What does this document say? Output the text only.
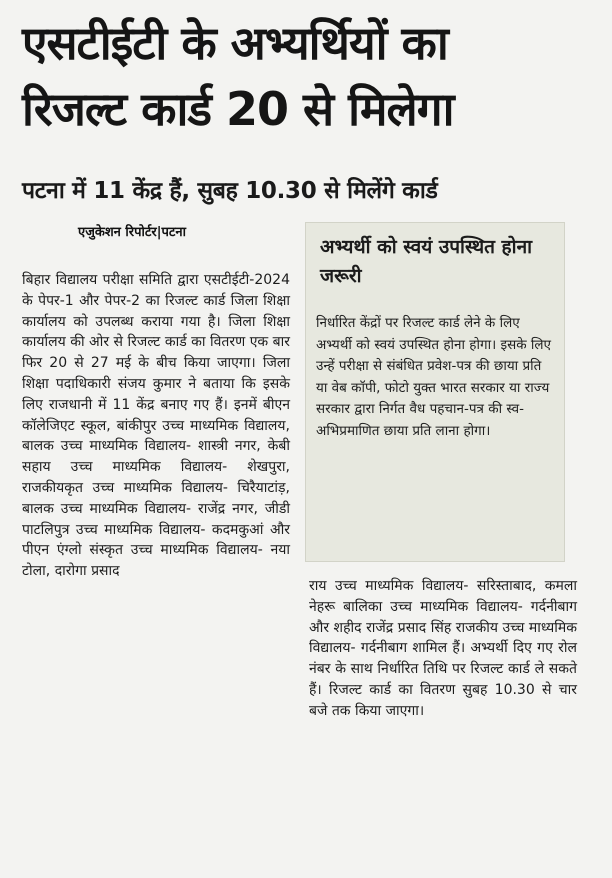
एसटीईटी के अभ्यर्थियों का
रिजल्ट कार्ड 20 से मिलेगा
पटना में 11 केंद्र हैं, सुबह 10.30 से मिलेंगे कार्ड
एजुकेशन रिपोर्टर|पटना
बिहार विद्यालय परीक्षा समिति द्वारा एसटीईटी-2024 के पेपर-1 और पेपर-2 का रिजल्ट कार्ड जिला शिक्षा कार्यालय को उपलब्ध कराया गया है। जिला शिक्षा कार्यालय की ओर से रिजल्ट कार्ड का वितरण एक बार फिर 20 से 27 मई के बीच किया जाएगा। जिला शिक्षा पदाधिकारी संजय कुमार ने बताया कि इसके लिए राजधानी में 11 केंद्र बनाए गए हैं। इनमें बीएन कॉलेजिएट स्कूल, बांकीपुर उच्च माध्यमिक विद्यालय, बालक उच्च माध्यमिक विद्यालय- शास्त्री नगर, केबी सहाय उच्च माध्यमिक विद्यालय- शेखपुरा, राजकीयकृत उच्च माध्यमिक विद्यालय- चिरैयाटांड़, बालक उच्च माध्यमिक विद्यालय- राजेंद्र नगर, जीडी पाटलिपुत्र उच्च माध्यमिक विद्यालय- कदमकुआं और पीएन एंग्लो संस्कृत उच्च माध्यमिक विद्यालय- नया टोला, दारोगा प्रसाद
अभ्यर्थी को स्वयं उपस्थित होना जरूरी
निर्धारित केंद्रों पर रिजल्ट कार्ड लेने के लिए अभ्यर्थी को स्वयं उपस्थित होना होगा। इसके लिए उन्हें परीक्षा से संबंधित प्रवेश-पत्र की छाया प्रति या वेब कॉपी, फोटो युक्त भारत सरकार या राज्य सरकार द्वारा निर्गत वैध पहचान-पत्र की स्व-अभिप्रमाणित छाया प्रति लाना होगा।
राय उच्च माध्यमिक विद्यालय- सरिस्ताबाद, कमला नेहरू बालिका उच्च माध्यमिक विद्यालय- गर्दनीबाग और शहीद राजेंद्र प्रसाद सिंह राजकीय उच्च माध्यमिक विद्यालय- गर्दनीबाग शामिल हैं। अभ्यर्थी दिए गए रोल नंबर के साथ निर्धारित तिथि पर रिजल्ट कार्ड ले सकते हैं। रिजल्ट कार्ड का वितरण सुबह 10.30 से चार बजे तक किया जाएगा।
